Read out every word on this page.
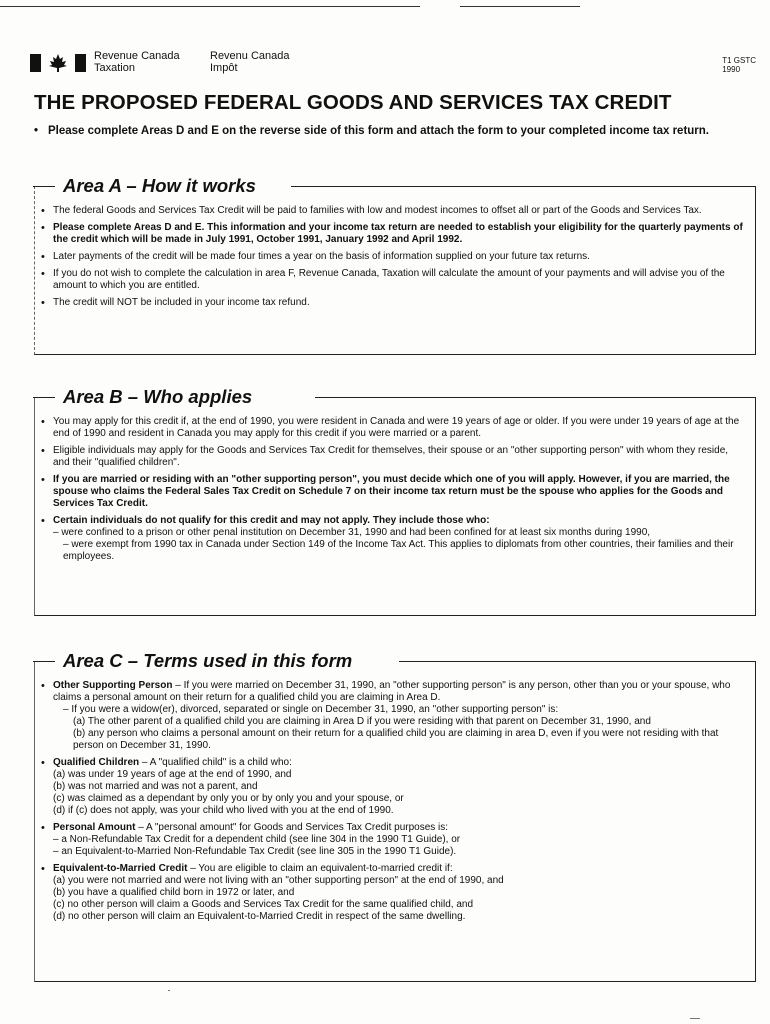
Revenue Canada
Taxation
Revenu Canada
Impôt
T1 GSTC
1990
THE PROPOSED FEDERAL GOODS AND SERVICES TAX CREDIT
• Please complete Areas D and E on the reverse side of this form and attach the form to your completed income tax return.
Area A – How it works
• The federal Goods and Services Tax Credit will be paid to families with low and modest incomes to offset all or part of the Goods and Services Tax.
• Please complete Areas D and E. This information and your income tax return are needed to establish your eligibility for the quarterly payments of the credit which will be made in July 1991, October 1991, January 1992 and April 1992.
• Later payments of the credit will be made four times a year on the basis of information supplied on your future tax returns.
• If you do not wish to complete the calculation in area F, Revenue Canada, Taxation will calculate the amount of your payments and will advise you of the amount to which you are entitled.
• The credit will NOT be included in your income tax refund.
Area B – Who applies
• You may apply for this credit if, at the end of 1990, you were resident in Canada and were 19 years of age or older. If you were under 19 years of age at the end of 1990 and resident in Canada you may apply for this credit if you were married or a parent.
• Eligible individuals may apply for the Goods and Services Tax Credit for themselves, their spouse or an "other supporting person" with whom they reside, and their "qualified children".
• If you are married or residing with an "other supporting person", you must decide which one of you will apply. However, if you are married, the spouse who claims the Federal Sales Tax Credit on Schedule 7 on their income tax return must be the spouse who applies for the Goods and Services Tax Credit.
• Certain individuals do not qualify for this credit and may not apply. They include those who:
– were confined to a prison or other penal institution on December 31, 1990 and had been confined for at least six months during 1990,
– were exempt from 1990 tax in Canada under Section 149 of the Income Tax Act. This applies to diplomats from other countries, their families and their employees.
Area C – Terms used in this form
• Other Supporting Person – If you were married on December 31, 1990, an "other supporting person" is any person, other than you or your spouse, who claims a personal amount on their return for a qualified child you are claiming in Area D.
– If you were a widow(er), divorced, separated or single on December 31, 1990, an "other supporting person" is:
(a) The other parent of a qualified child you are claiming in Area D if you were residing with that parent on December 31, 1990, and
(b) any person who claims a personal amount on their return for a qualified child you are claiming in area D, even if you were not residing with that person on December 31, 1990.
• Qualified Children – A "qualified child" is a child who:
(a) was under 19 years of age at the end of 1990, and
(b) was not married and was not a parent, and
(c) was claimed as a dependant by only you or by only you and your spouse, or
(d) if (c) does not apply, was your child who lived with you at the end of 1990.
• Personal Amount – A "personal amount" for Goods and Services Tax Credit purposes is:
– a Non-Refundable Tax Credit for a dependent child (see line 304 in the 1990 T1 Guide), or
– an Equivalent-to-Married Non-Refundable Tax Credit (see line 305 in the 1990 T1 Guide).
• Equivalent-to-Married Credit – You are eligible to claim an equivalent-to-married credit if:
(a) you were not married and were not living with an "other supporting person" at the end of 1990, and
(b) you have a qualified child born in 1972 or later, and
(c) no other person will claim a Goods and Services Tax Credit for the same qualified child, and
(d) no other person will claim an Equivalent-to-Married Credit in respect of the same dwelling.
